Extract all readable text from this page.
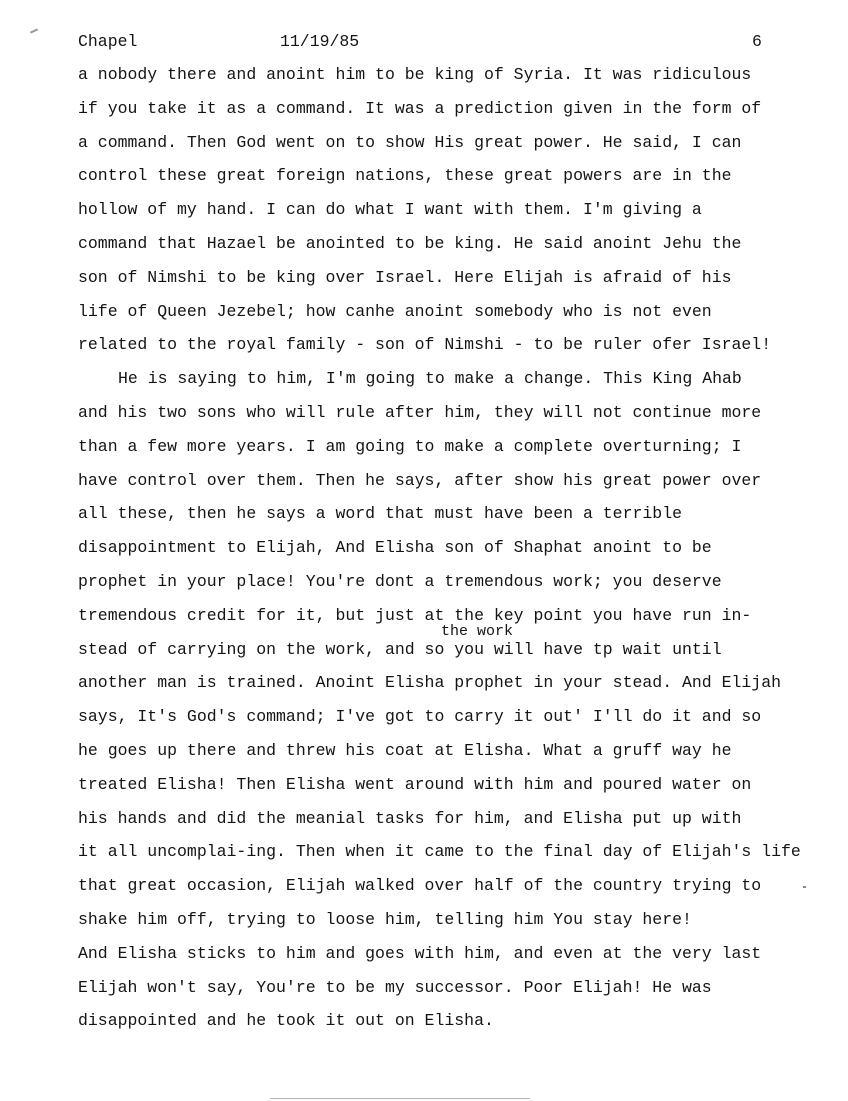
Chapel	11/19/85	6
a nobody there and anoint him to be king of Syria. It was ridiculous
if you take it as a command. It was a prediction given in the form of
a command. Then God went on to show His great power. He said, I can
control these great foreign nations, these great powers are in the
hollow of my hand. I can do what I want with them. I'm giving a
command that Hazael be anointed to be king. He said anoint Jehu the
son of Nimshi to be king over Israel. Here Elijah is afraid of his
life of Queen Jezebel; how canhe anoint somebody who is not even
related to the royal family - son of Nimshi - to be ruler ofer Israel!
He is saying to him, I'm going to make a change. This King Ahab
and his two sons who will rule after him, they will not continue more
than a few more years. I am going to make a complete overturning; I
have control over them. Then he says, after show his great power over
all these, then he says a word that must have been a terrible
disappointment to Elijah, And Elisha son of Shaphat anoint to be
prophet in your place! You're dont a tremendous work; you deserve
tremendous credit for it, but just at the key point you have run in-
stead of carrying on the work, and so you will have tp wait until
another man is trained. Anoint Elisha prophet in your stead. And Elijah
says, It's God's command; I've got to carry it out' I'll do it and so
he goes up there and threw his coat at Elisha. What a gruff way he
treated Elisha! Then Elisha went around with him and poured water on
his hands and did the meanial tasks for him, and Elisha put up with
it all uncomplai-ing. Then when it came to the final day of Elijah's life
that great occasion, Elijah walked over half of the country trying to
shake him off, trying to loose him, telling him You stay here!
And Elisha sticks to him and goes with him, and even at the very last
Elijah won't say, You're to be my successor. Poor Elijah! He was
disappointed and he took it out on Elisha.
the work
